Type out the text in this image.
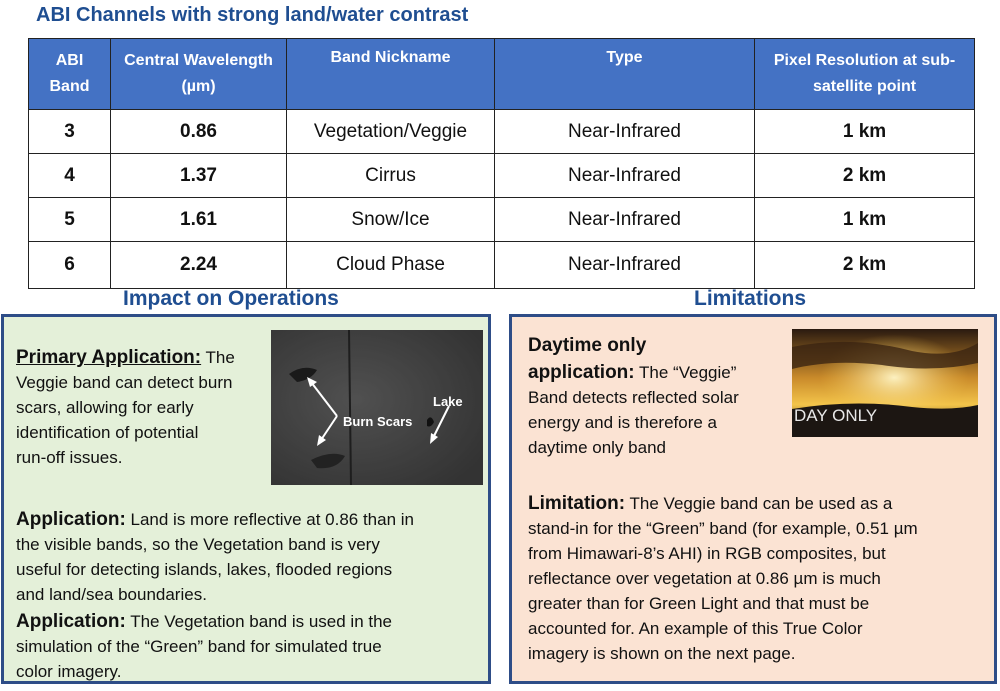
ABI Channels with strong land/water contrast
ABI Band	Central Wavelength (µm)	Band Nickname	Type	Pixel Resolution at sub-satellite point
3	0.86	Vegetation/Veggie	Near-Infrared	1 km
4	1.37	Cirrus	Near-Infrared	2 km
5	1.61	Snow/Ice	Near-Infrared	1 km
6	2.24	Cloud Phase	Near-Infrared	2 km
Impact on Operations	Limitations
Primary Application: The
Veggie band can detect burn
scars, allowing for early
identification of potential
run-off issues.
Burn Scars
Lake
Application: Land is more reflective at 0.86 than in
the visible bands, so the Vegetation band is very
useful for detecting islands, lakes, flooded regions
and land/sea boundaries.
Application: The Vegetation band is used in the
simulation of the “Green” band for simulated true
color imagery.
Daytime only
application: The “Veggie”
Band detects reflected solar
energy and is therefore a
daytime only band
DAY ONLY
Limitation: The Veggie band can be used as a
stand-in for the “Green” band (for example, 0.51 µm
from Himawari-8’s AHI) in RGB composites, but
reflectance over vegetation at 0.86 µm is much
greater than for Green Light and that must be
accounted for. An example of this True Color
imagery is shown on the next page.
